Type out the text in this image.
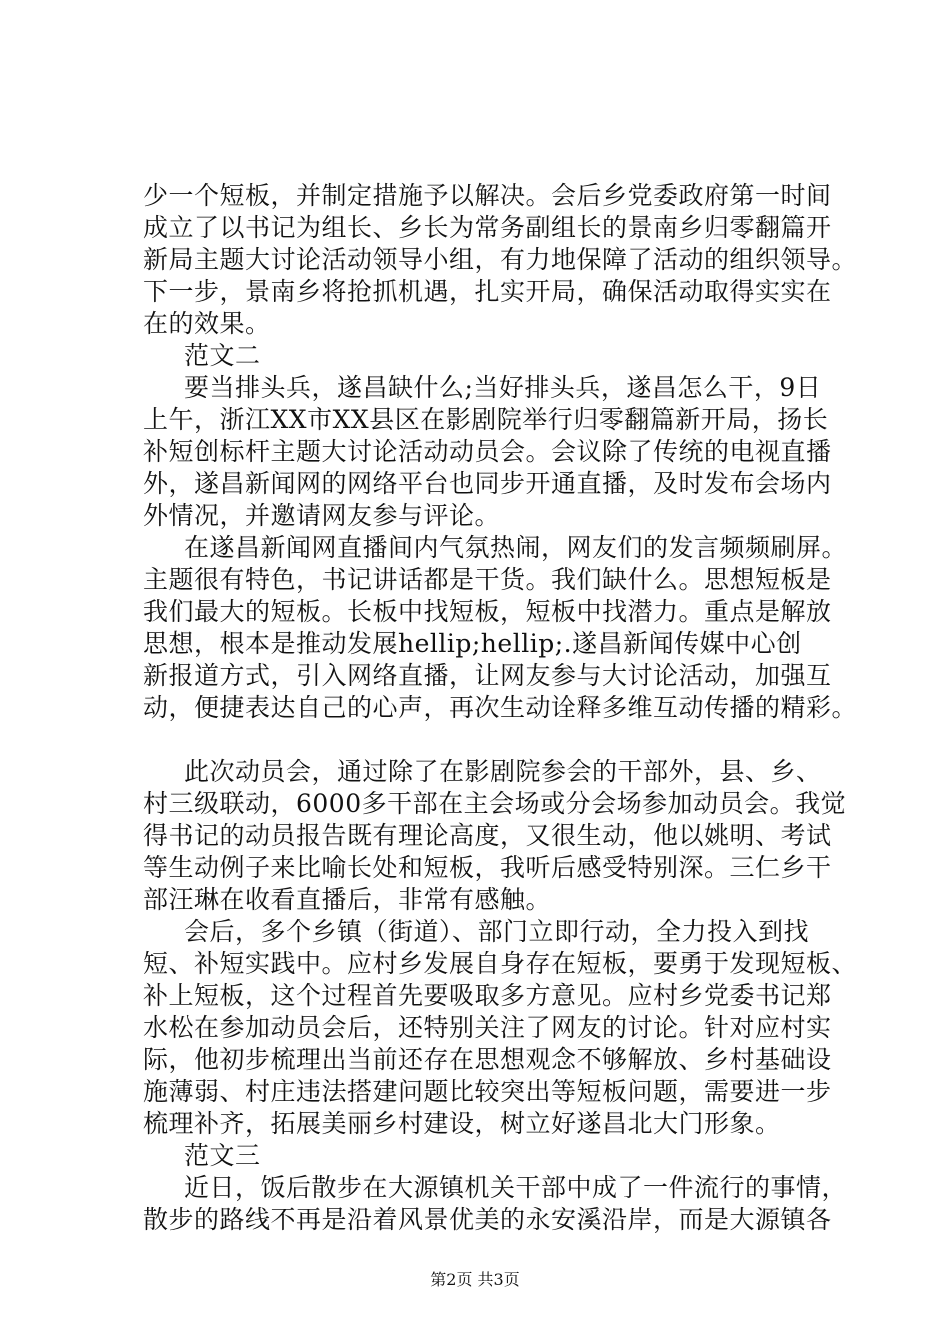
少一个短板，并制定措施予以解决。会后乡党委政府第一时间
成立了以书记为组长、乡长为常务副组长的景南乡归零翻篇开
新局主题大讨论活动领导小组，有力地保障了活动的组织领导。
下一步，景南乡将抢抓机遇，扎实开局，确保活动取得实实在
在的效果。
范文二
要当排头兵，遂昌缺什么;当好排头兵，遂昌怎么干，9日
上午，浙江XX市XX县区在影剧院举行归零翻篇新开局，扬长
补短创标杆主题大讨论活动动员会。会议除了传统的电视直播
外，遂昌新闻网的网络平台也同步开通直播，及时发布会场内
外情况，并邀请网友参与评论。
在遂昌新闻网直播间内气氛热闹，网友们的发言频频刷屏。
主题很有特色，书记讲话都是干货。我们缺什么。思想短板是
我们最大的短板。长板中找短板，短板中找潜力。重点是解放
思想，根本是推动发展hellip;hellip;.遂昌新闻传媒中心创
新报道方式，引入网络直播，让网友参与大讨论活动，加强互
动，便捷表达自己的心声，再次生动诠释多维互动传播的精彩。
此次动员会，通过除了在影剧院参会的干部外，县、乡、
村三级联动，6000多干部在主会场或分会场参加动员会。我觉
得书记的动员报告既有理论高度，又很生动，他以姚明、考试
等生动例子来比喻长处和短板，我听后感受特别深。三仁乡干
部汪琳在收看直播后，非常有感触。
会后，多个乡镇（街道）、部门立即行动，全力投入到找
短、补短实践中。应村乡发展自身存在短板，要勇于发现短板、
补上短板，这个过程首先要吸取多方意见。应村乡党委书记郑
水松在参加动员会后，还特别关注了网友的讨论。针对应村实
际，他初步梳理出当前还存在思想观念不够解放、乡村基础设
施薄弱、村庄违法搭建问题比较突出等短板问题，需要进一步
梳理补齐，拓展美丽乡村建设，树立好遂昌北大门形象。
范文三
近日，饭后散步在大源镇机关干部中成了一件流行的事情，
散步的路线不再是沿着风景优美的永安溪沿岸，而是大源镇各
第2页 共3页
